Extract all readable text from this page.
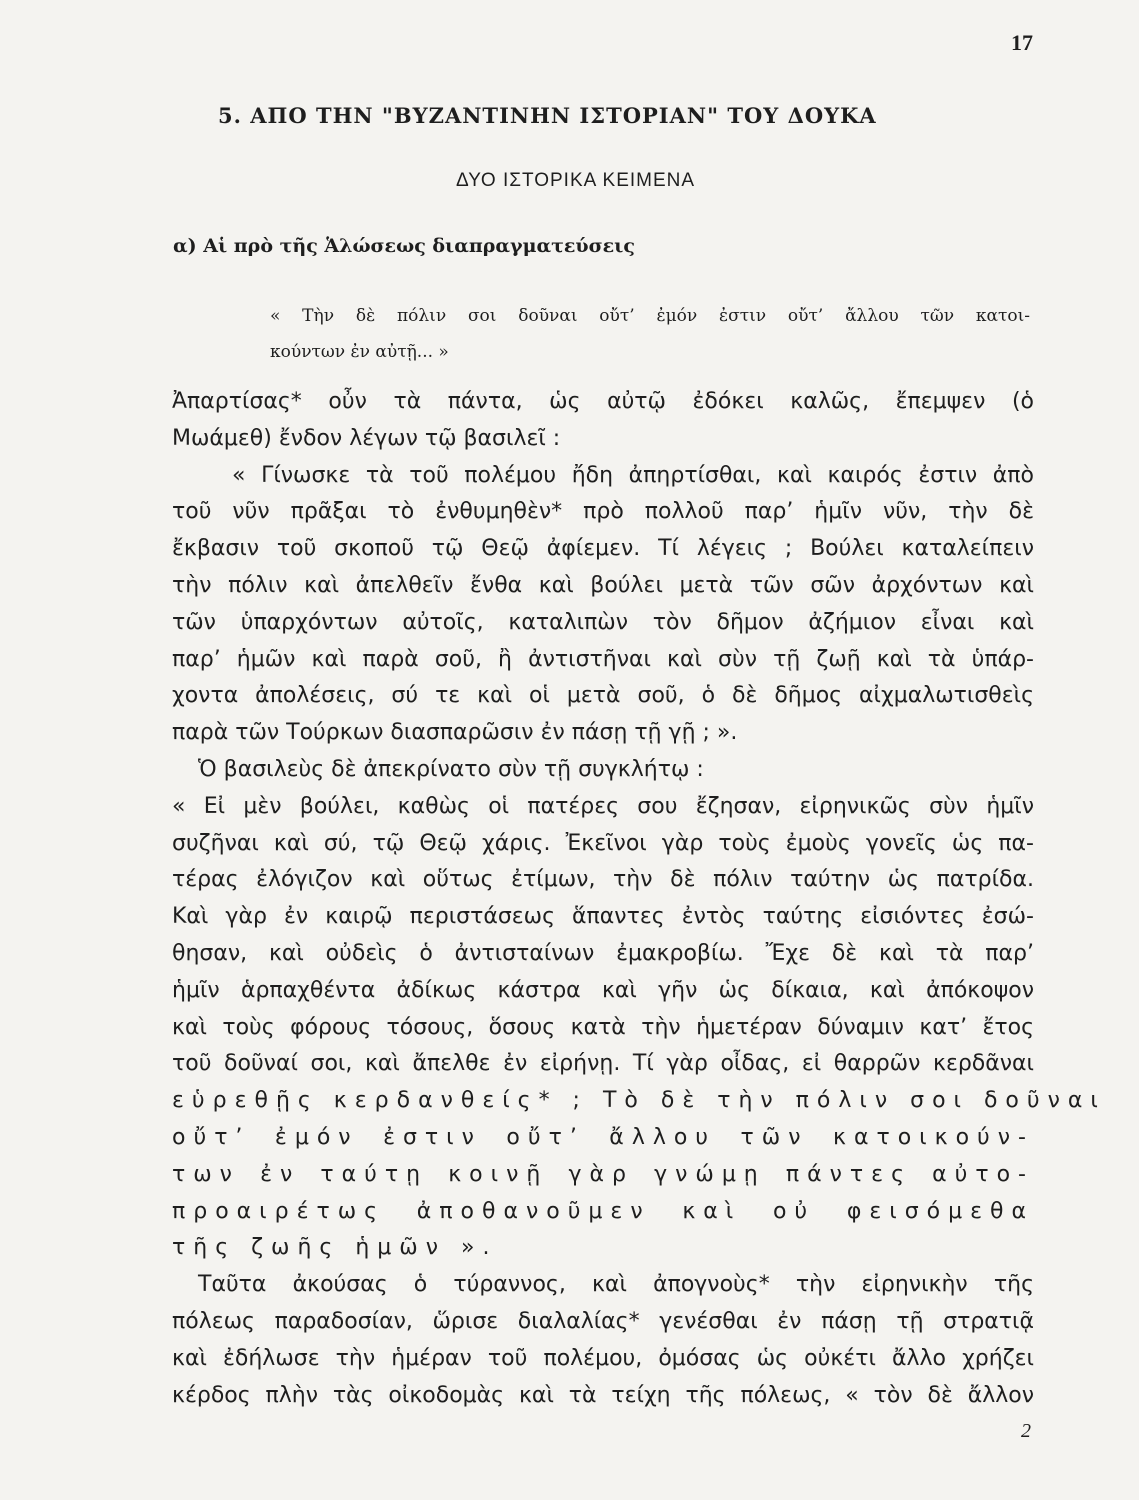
17
5. ΑΠΟ ΤΗΝ "ΒΥΖΑΝΤΙΝΗΝ ΙΣΤΟΡΙΑΝ" ΤΟΥ ΔΟΥΚΑ
ΔΥΟ ΙΣΤΟΡΙΚΑ ΚΕΙΜΕΝΑ
α) Αἱ πρὸ τῆς Ἁλώσεως διαπραγματεύσεις
« Τὴν δὲ πόλιν σοι δοῦναι οὔτ’ ἐμόν ἐστιν οὔτ’ ἄλλου τῶν κατοι-
κούντων ἐν αὐτῇ... »
Ἀπαρτίσας* οὖν τὰ πάντα, ὡς αὐτῷ ἐδόκει καλῶς, ἔπεμψεν (ὁ
Μωάμεθ) ἔνδον λέγων τῷ βασιλεῖ :
« Γίνωσκε τὰ τοῦ πολέμου ἤδη ἀπηρτίσθαι, καὶ καιρός ἐστιν ἀπὸ
τοῦ νῦν πρᾶξαι τὸ ἐνθυμηθὲν* πρὸ πολλοῦ παρ’ ἡμῖν νῦν, τὴν δὲ
ἔκβασιν τοῦ σκοποῦ τῷ Θεῷ ἀφίεμεν. Τί λέγεις ; Βούλει καταλείπειν
τὴν πόλιν καὶ ἀπελθεῖν ἔνθα καὶ βούλει μετὰ τῶν σῶν ἀρχόντων καὶ
τῶν ὑπαρχόντων αὐτοῖς, καταλιπὼν τὸν δῆμον ἀζήμιον εἶναι καὶ
παρ’ ἡμῶν καὶ παρὰ σοῦ, ἢ ἀντιστῆναι καὶ σὺν τῇ ζωῇ καὶ τὰ ὑπάρ-
χοντα ἀπολέσεις, σύ τε καὶ οἱ μετὰ σοῦ, ὁ δὲ δῆμος αἰχμαλωτισθεὶς
παρὰ τῶν Τούρκων διασπαρῶσιν ἐν πάσῃ τῇ γῇ ; ».
Ὁ βασιλεὺς δὲ ἀπεκρίνατο σὺν τῇ συγκλήτῳ :
« Εἰ μὲν βούλει, καθὼς οἱ πατέρες σου ἔζησαν, εἰρηνικῶς σὺν ἡμῖν
συζῆναι καὶ σύ, τῷ Θεῷ χάρις. Ἐκεῖνοι γὰρ τοὺς ἐμοὺς γονεῖς ὡς πα-
τέρας ἐλόγιζον καὶ οὕτως ἐτίμων, τὴν δὲ πόλιν ταύτην ὡς πατρίδα.
Καὶ γὰρ ἐν καιρῷ περιστάσεως ἅπαντες ἐντὸς ταύτης εἰσιόντες ἐσώ-
θησαν, καὶ οὐδεὶς ὁ ἀντισταίνων ἐμακροβίω. Ἔχε δὲ καὶ τὰ παρ’
ἡμῖν ἁρπαχθέντα ἀδίκως κάστρα καὶ γῆν ὡς δίκαια, καὶ ἀπόκοψον
καὶ τοὺς φόρους τόσους, ὅσους κατὰ τὴν ἡμετέραν δύναμιν κατ’ ἔτος
τοῦ δοῦναί σοι, καὶ ἄπελθε ἐν εἰρήνῃ. Τί γὰρ οἶδας, εἰ θαρρῶν κερδᾶναι
εὑρεθῇς κερδανθείς* ; Τὸ δὲ τὴν πόλιν σοι δοῦναι
οὔτ’ ἐμόν ἐστιν οὔτ’ ἄλλου τῶν κατοικούν-
των ἐν ταύτῃ κοινῇ γὰρ γνώμῃ πάντες αὐτο-
προαιρέτως ἀποθανοῦμεν καὶ οὐ φεισόμεθα
τῆς ζωῆς ἡμῶν ».
Ταῦτα ἀκούσας ὁ τύραννος, καὶ ἀπογνοὺς* τὴν εἰρηνικὴν τῆς
πόλεως παραδοσίαν, ὥρισε διαλαλίας* γενέσθαι ἐν πάσῃ τῇ στρατιᾷ
καὶ ἐδήλωσε τὴν ἡμέραν τοῦ πολέμου, ὀμόσας ὡς οὐκέτι ἄλλο χρήζει
κέρδος πλὴν τὰς οἰκοδομὰς καὶ τὰ τείχη τῆς πόλεως, « τὸν δὲ ἄλλον
2
